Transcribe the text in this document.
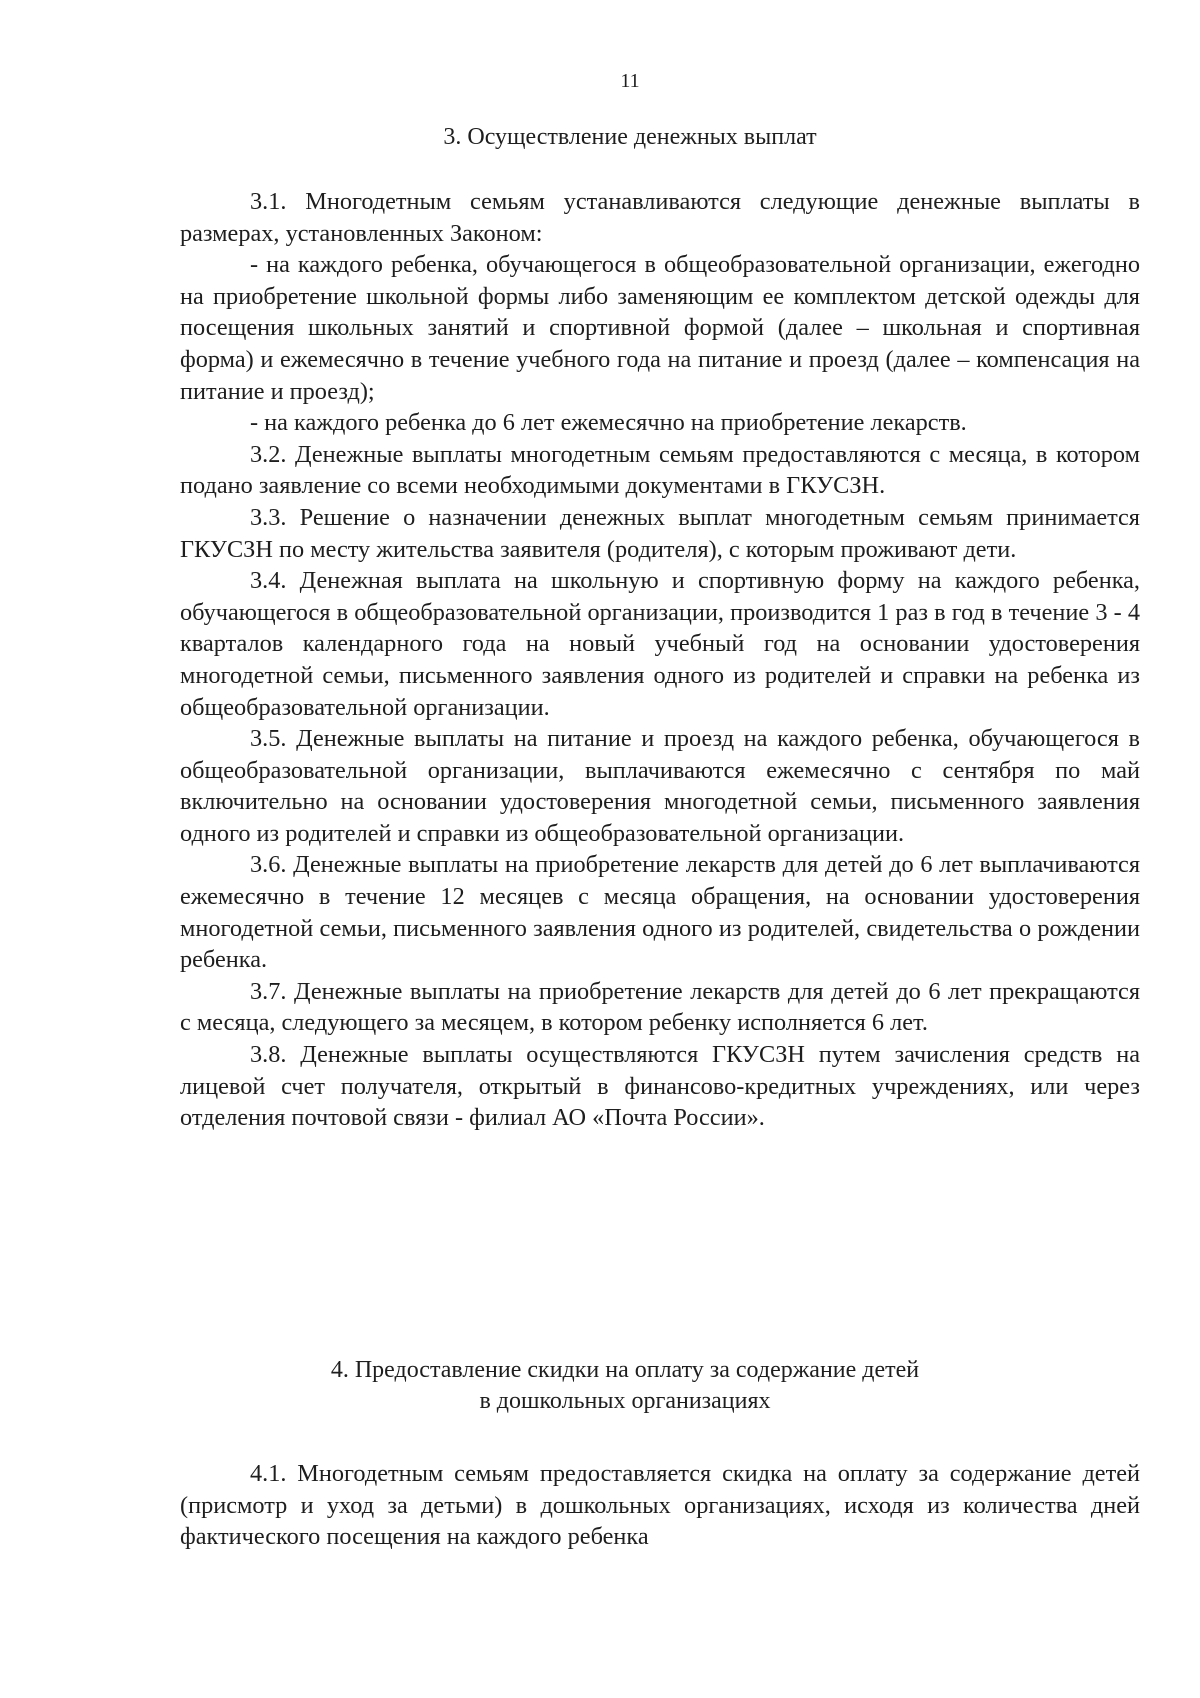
11
3. Осуществление денежных выплат

3.1. Многодетным семьям устанавливаются следующие денежные выплаты в размерах, установленных Законом:

- на каждого ребенка, обучающегося в общеобразовательной организации, ежегодно на приобретение школьной формы либо заменяющим ее комплектом детской одежды для посещения школьных занятий и спортивной формой (далее – школьная и спортивная форма) и ежемесячно в течение учебного года на питание и проезд (далее – компенсация на питание и проезд);

- на каждого ребенка до 6 лет ежемесячно на приобретение лекарств.

3.2. Денежные выплаты многодетным семьям предоставляются с месяца, в котором подано заявление со всеми необходимыми документами в ГКУСЗН.

3.3. Решение о назначении денежных выплат многодетным семьям принимается ГКУСЗН по месту жительства заявителя (родителя), с которым проживают дети.

3.4. Денежная выплата на школьную и спортивную форму на каждого ребенка, обучающегося в общеобразовательной организации, производится 1 раз в год в течение 3 - 4 кварталов календарного года на новый учебный год на основании удостоверения многодетной семьи, письменного заявления одного из родителей и справки на ребенка из общеобразовательной организации.

3.5. Денежные выплаты на питание и проезд на каждого ребенка, обучающегося в общеобразовательной организации, выплачиваются ежемесячно с сентября по май включительно на основании удостоверения многодетной семьи, письменного заявления одного из родителей и справки из общеобразовательной организации.

3.6. Денежные выплаты на приобретение лекарств для детей до 6 лет выплачиваются ежемесячно в течение 12 месяцев с месяца обращения, на основании удостоверения многодетной семьи, письменного заявления одного из родителей, свидетельства о рождении ребенка.

3.7. Денежные выплаты на приобретение лекарств для детей до 6 лет прекращаются с месяца, следующего за месяцем, в котором ребенку исполняется 6 лет.

3.8. Денежные выплаты осуществляются ГКУСЗН путем зачисления средств на лицевой счет получателя, открытый в финансово-кредитных учреждениях, или через отделения почтовой связи - филиал АО «Почта России».

4. Предоставление скидки на оплату за содержание детей
в дошкольных организациях

4.1. Многодетным семьям предоставляется скидка на оплату за содержание детей (присмотр и уход за детьми) в дошкольных организациях, исходя из количества дней фактического посещения на каждого ребенка
